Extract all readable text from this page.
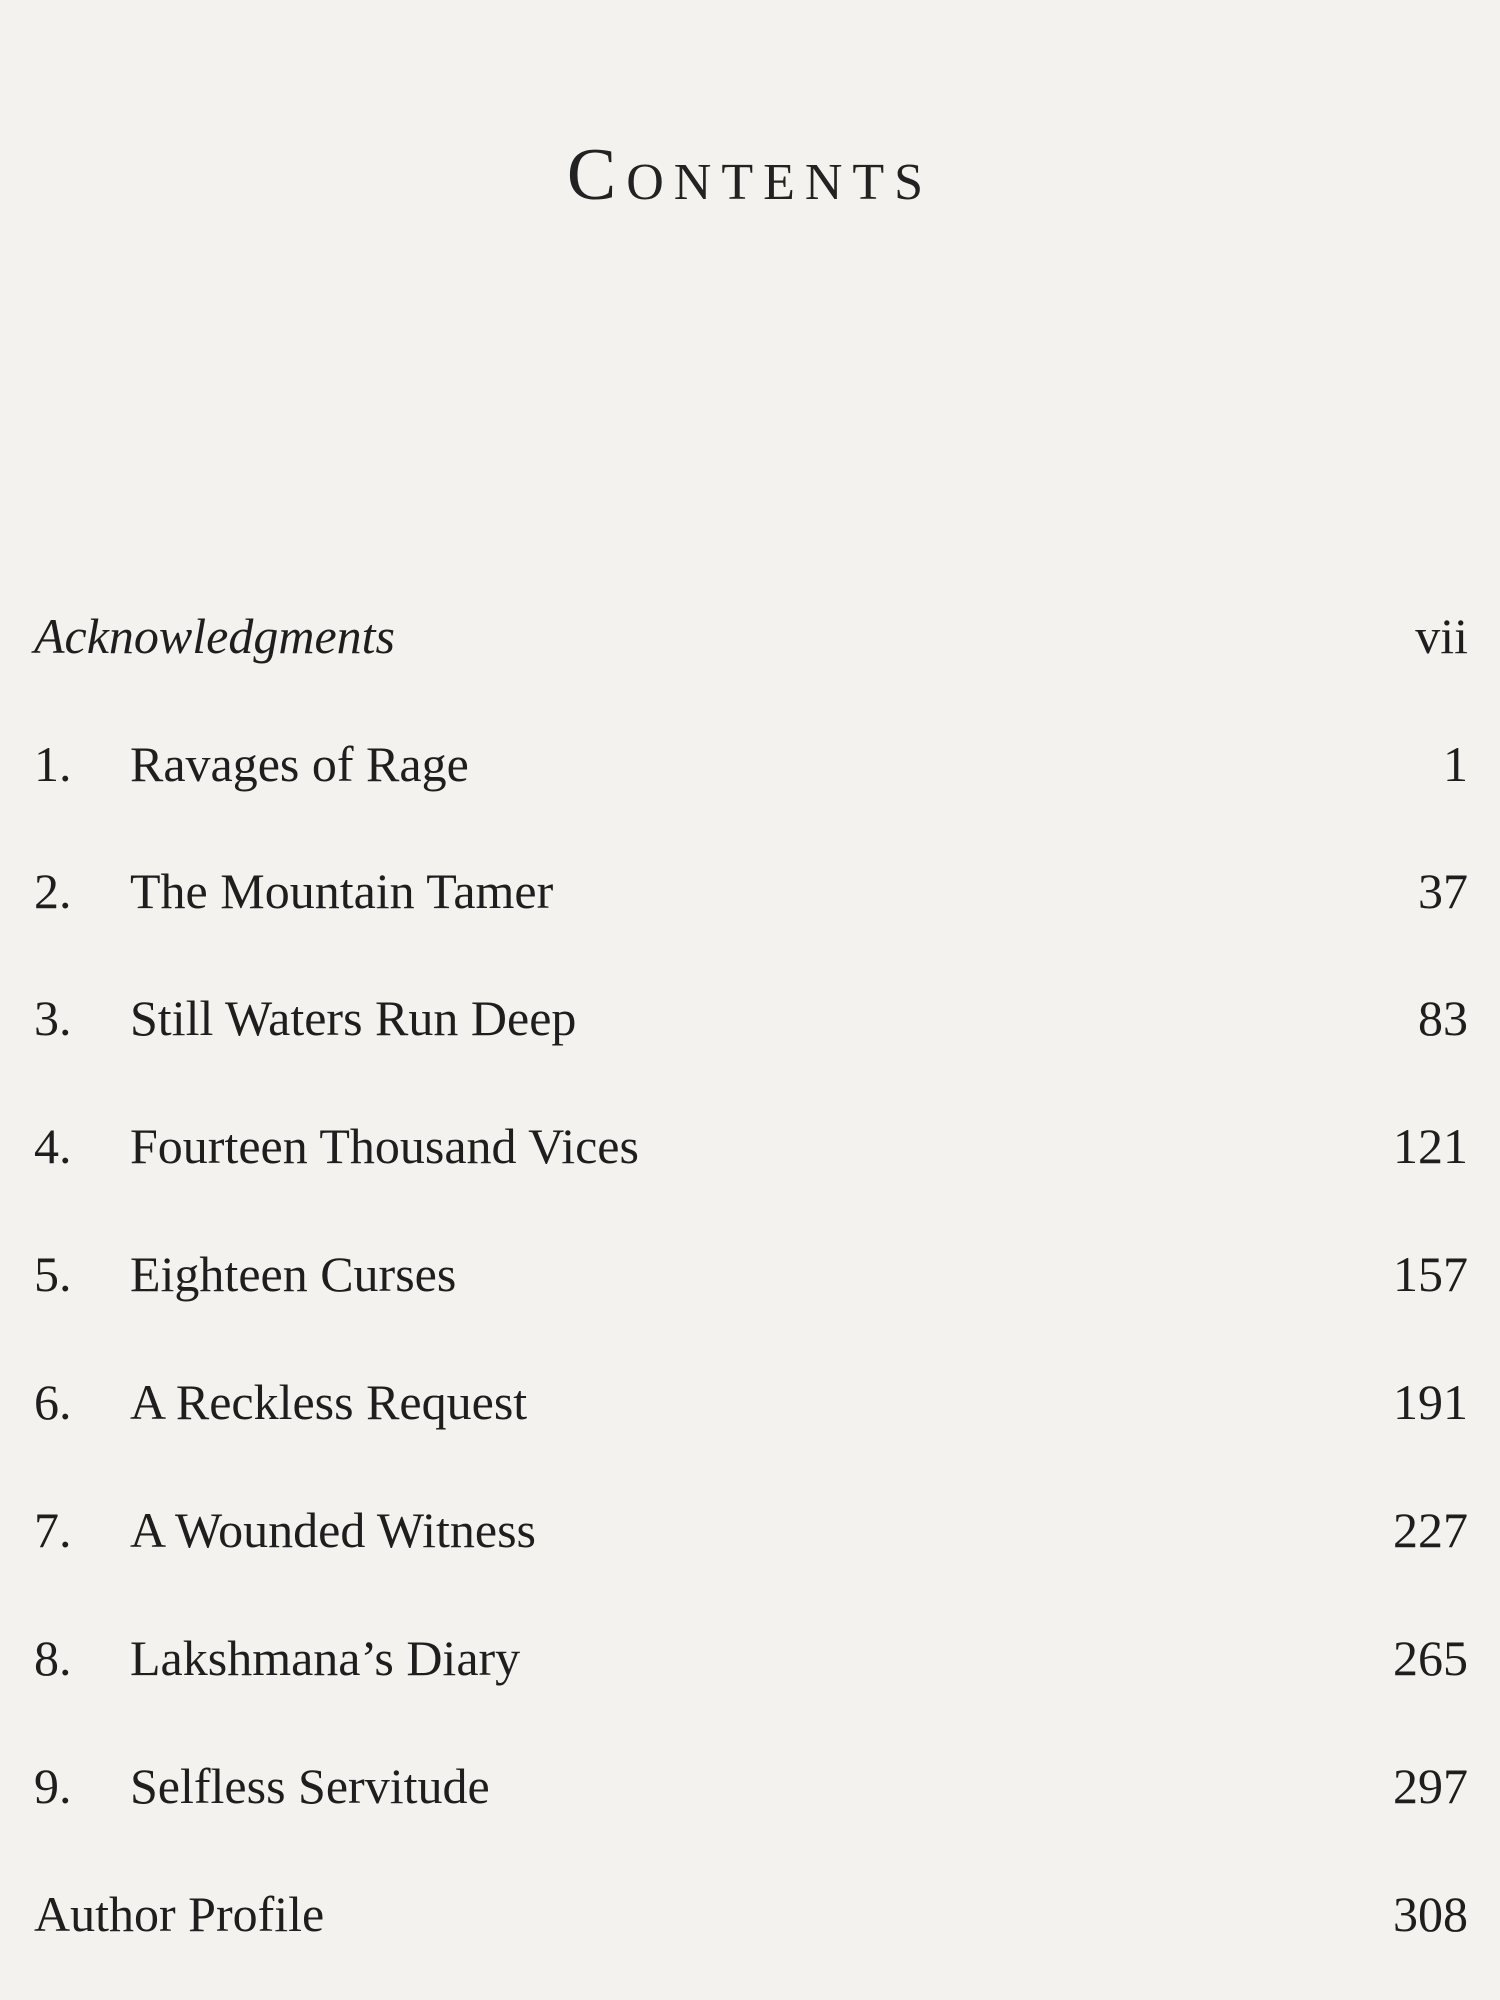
Contents
Acknowledgments	vii
1. Ravages of Rage	1
2. The Mountain Tamer	37
3. Still Waters Run Deep	83
4. Fourteen Thousand Vices	121
5. Eighteen Curses	157
6. A Reckless Request	191
7. A Wounded Witness	227
8. Lakshmana’s Diary	265
9. Selfless Servitude	297
Author Profile	308
